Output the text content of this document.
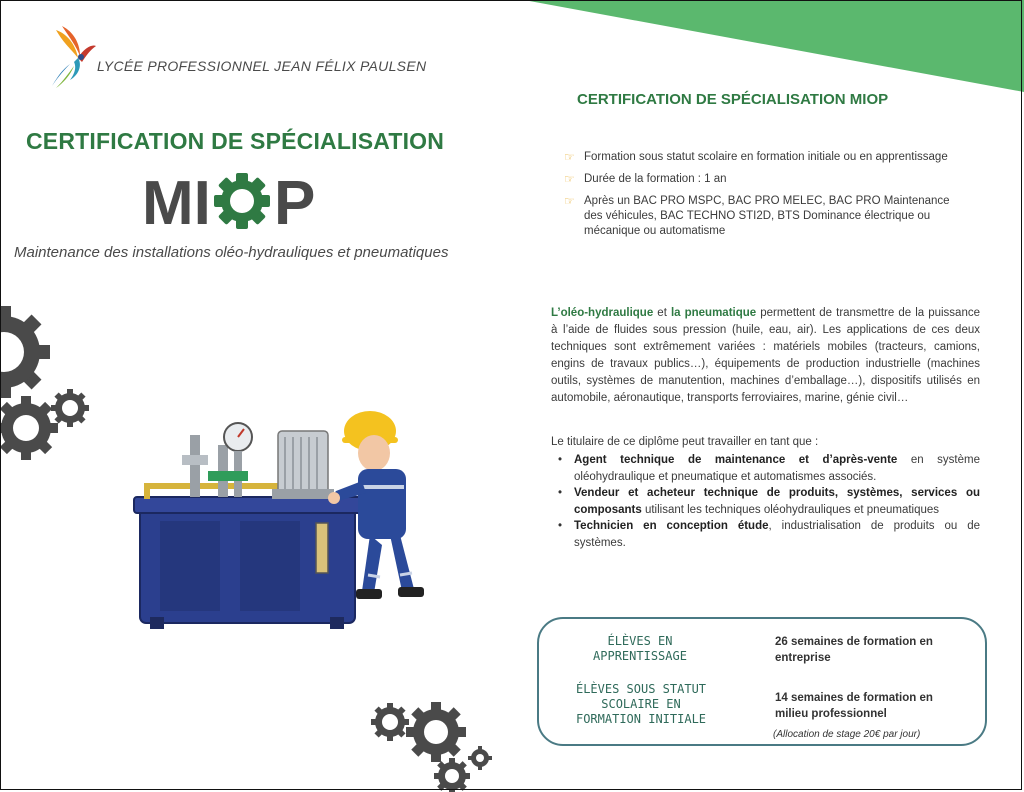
LYCÉE PROFESSIONNEL JEAN FÉLIX PAULSEN
CERTIFICATION DE SPÉCIALISATION
MI P
Maintenance des installations oléo-hydrauliques et pneumatiques
CERTIFICATION DE SPÉCIALISATION MIOP
☞ Formation sous statut scolaire en formation initiale ou en apprentissage
☞ Durée de la formation : 1 an
☞ Après un BAC PRO MSPC, BAC PRO MELEC, BAC PRO Maintenance des véhicules, BAC TECHNO STI2D, BTS Dominance électrique ou mécanique ou automatisme
L’oléo-hydraulique et la pneumatique permettent de transmettre de la puissance à l’aide de fluides sous pression (huile, eau, air). Les applications de ces deux techniques sont extrêmement variées : matériels mobiles (tracteurs, camions, engins de travaux publics…), équipements de production industrielle (machines outils, systèmes de manutention, machines d’emballage…), dispositifs utilisés en automobile, aéronautique, transports ferroviaires, marine, génie civil…
Le titulaire de ce diplôme peut travailler en tant que :
• Agent technique de maintenance et d’après-vente en système oléohydraulique et pneumatique et automatismes associés.
• Vendeur et acheteur technique de produits, systèmes, services ou composants utilisant les techniques oléohydrauliques et pneumatiques
• Technicien en conception étude, industrialisation de produits ou de systèmes.
ÉLÈVES EN
APPRENTISSAGE
26 semaines de formation en entreprise
ÉLÈVES SOUS STATUT
SCOLAIRE EN
FORMATION INITIALE
14 semaines de formation en milieu professionnel
(Allocation de stage 20€ par jour)
